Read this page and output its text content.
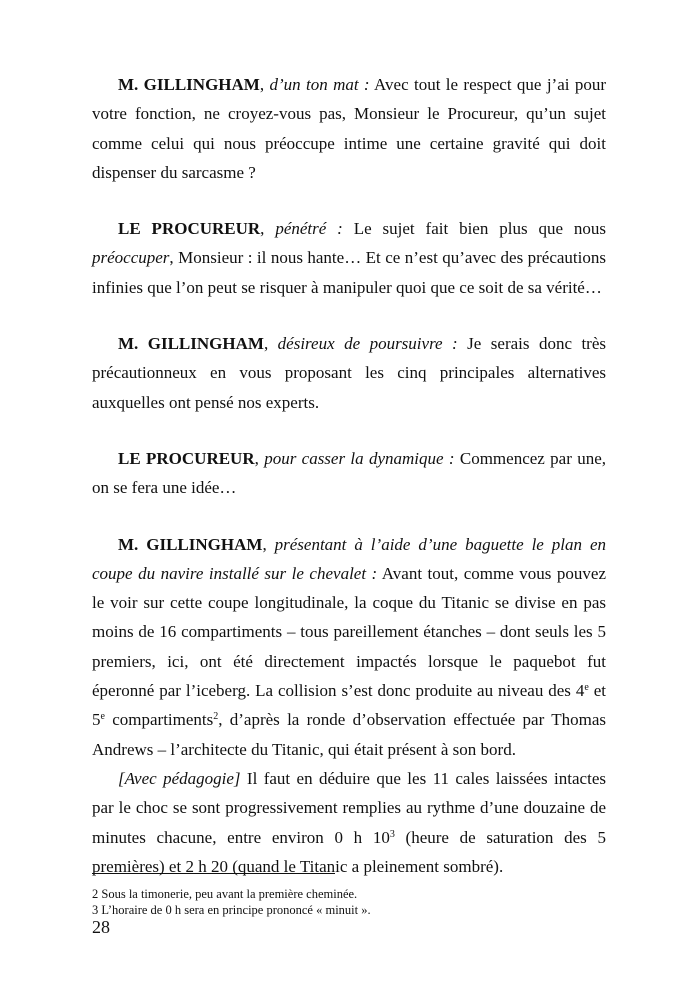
M. GILLINGHAM, d’un ton mat : Avec tout le respect que j’ai pour votre fonction, ne croyez-vous pas, Monsieur le Procureur, qu’un sujet comme celui qui nous préoccupe intime une certaine gravité qui doit dispenser du sarcasme ?

LE PROCUREUR, pénétré : Le sujet fait bien plus que nous préoccuper, Monsieur : il nous hante… Et ce n’est qu’avec des précautions infinies que l’on peut se risquer à manipuler quoi que ce soit de sa vérité…

M. GILLINGHAM, désireux de poursuivre : Je serais donc très précautionneux en vous proposant les cinq principales alternatives auxquelles ont pensé nos experts.

LE PROCUREUR, pour casser la dynamique : Commencez par une, on se fera une idée…

M. GILLINGHAM, présentant à l’aide d’une baguette le plan en coupe du navire installé sur le chevalet : Avant tout, comme vous pouvez le voir sur cette coupe longitudinale, la coque du Titanic se divise en pas moins de 16 compartiments – tous pareillement étanches – dont seuls les 5 premiers, ici, ont été directement impactés lorsque le paquebot fut éperonné par l’iceberg. La collision s’est donc produite au niveau des 4e et 5e compartiments$^2$, d’après la ronde d’observation effectuée par Thomas Andrews – l’architecte du Titanic, qui était présent à son bord.

[Avec pédagogie] Il faut en déduire que les 11 cales laissées intactes par le choc se sont progressivement remplies au rythme d’une douzaine de minutes chacune, entre environ 0 h $10^3$ (heure de saturation des 5 premières) et 2 h 20 (quand le Titanic a pleinement sombré).

2 Sous la timonerie, peu avant la première cheminée.
3 L’horaire de 0 h sera en principe prononcé « minuit ».
28
